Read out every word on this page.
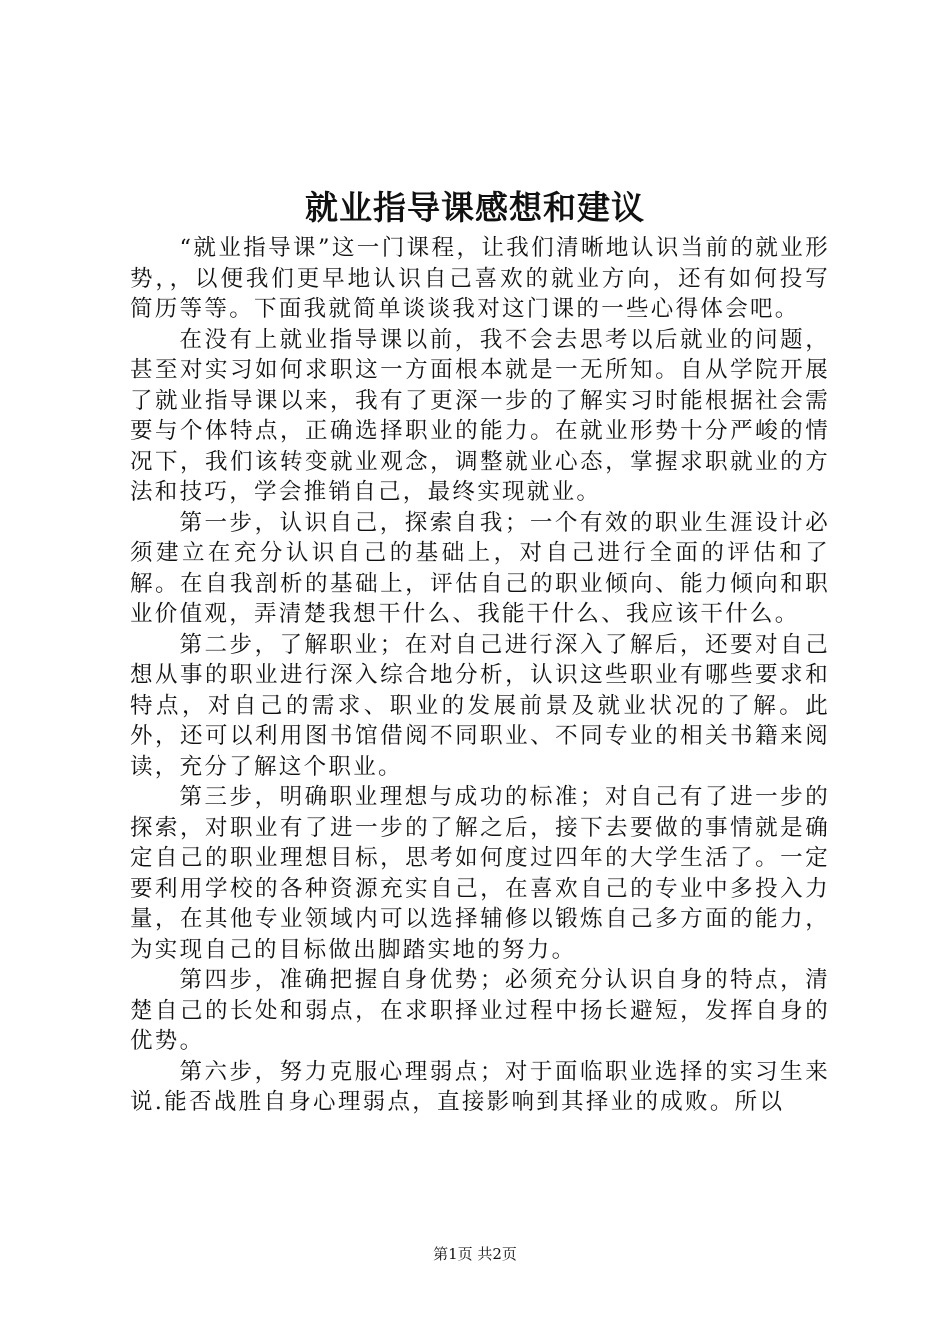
就业指导课感想和建议

“就业指导课”这一门课程，让我们清晰地认识当前的就业形势，，以便我们更早地认识自己喜欢的就业方向，还有如何投写简历等等。下面我就简单谈谈我对这门课的一些心得体会吧。

在没有上就业指导课以前，我不会去思考以后就业的问题，甚至对实习如何求职这一方面根本就是一无所知。自从学院开展了就业指导课以来，我有了更深一步的了解实习时能根据社会需要与个体特点，正确选择职业的能力。在就业形势十分严峻的情况下，我们该转变就业观念，调整就业心态，掌握求职就业的方法和技巧，学会推销自己，最终实现就业。

第一步，认识自己，探索自我；一个有效的职业生涯设计必须建立在充分认识自己的基础上，对自己进行全面的评估和了解。在自我剖析的基础上，评估自己的职业倾向、能力倾向和职业价值观，弄清楚我想干什么、我能干什么、我应该干什么。

第二步，了解职业；在对自己进行深入了解后，还要对自己想从事的职业进行深入综合地分析，认识这些职业有哪些要求和特点，对自己的需求、职业的发展前景及就业状况的了解。此外，还可以利用图书馆借阅不同职业、不同专业的相关书籍来阅读，充分了解这个职业。

第三步，明确职业理想与成功的标准；对自己有了进一步的探索，对职业有了进一步的了解之后，接下去要做的事情就是确定自己的职业理想目标，思考如何度过四年的大学生活了。一定要利用学校的各种资源充实自己，在喜欢自己的专业中多投入力量，在其他专业领域内可以选择辅修以锻炼自己多方面的能力，为实现自己的目标做出脚踏实地的努力。

第四步，准确把握自身优势；必须充分认识自身的特点，清楚自己的长处和弱点，在求职择业过程中扬长避短，发挥自身的优势。

第六步，努力克服心理弱点；对于面临职业选择的实习生来说.能否战胜自身心理弱点，直接影响到其择业的成败。所以

第1页 共2页
